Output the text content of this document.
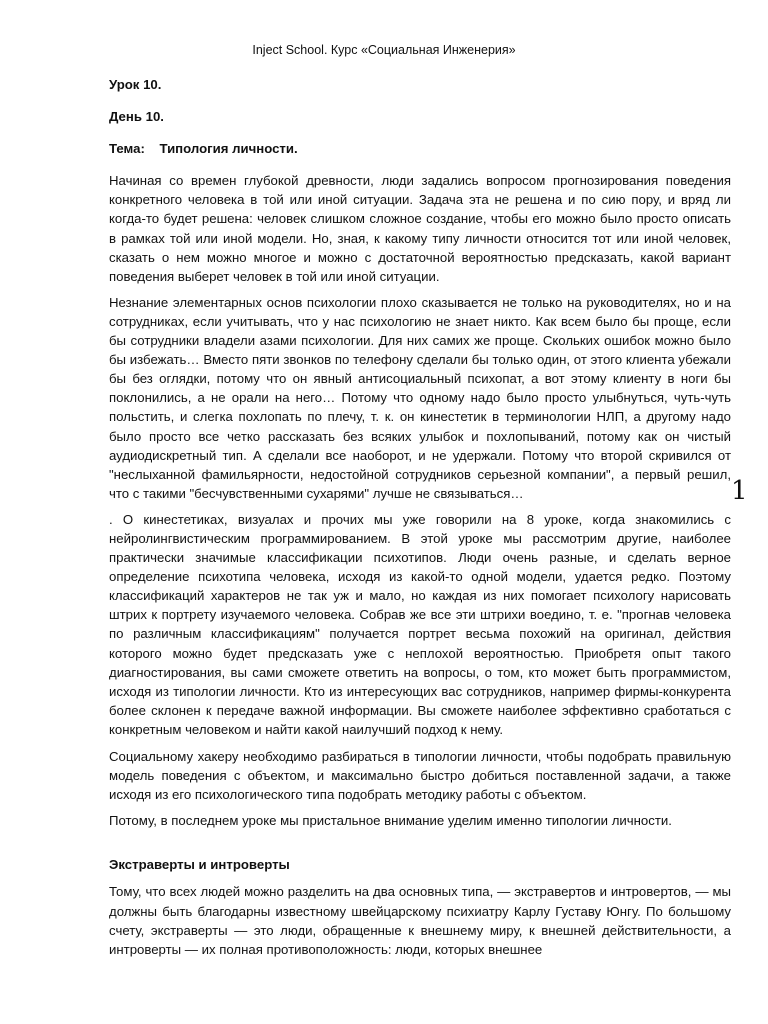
Inject School. Курс «Социальная Инженерия»
1

Урок 10.

День 10.

Тема:    Типология личности.

Начиная со времен глубокой древности, люди задались вопросом прогнозирования поведения конкретного человека в той или иной ситуации. Задача эта не решена и по сию пору, и вряд ли когда-то будет решена: человек слишком сложное создание, чтобы его можно было просто описать в рамках той или иной модели. Но, зная, к какому типу личности относится тот или иной человек, сказать о нем можно многое и можно с достаточной вероятностью предсказать, какой вариант поведения выберет человек в той или иной ситуации.

Незнание элементарных основ психологии плохо сказывается не только на руководителях, но и на сотрудниках, если учитывать, что у нас психологию не знает никто. Как всем было бы проще, если бы сотрудники владели азами психологии. Для них самих же проще. Скольких ошибок можно было бы избежать… Вместо пяти звонков по телефону сделали бы только один, от этого клиента убежали бы без оглядки, потому что он явный антисоциальный психопат, а вот этому клиенту в ноги бы поклонились, а не орали на него… Потому что одному надо было просто улыбнуться, чуть-чуть польстить, и слегка похлопать по плечу, т. к. он кинестетик в терминологии НЛП, а другому надо было просто все четко рассказать без всяких улыбок и похлопываний, потому как он чистый аудиодискретный тип. А сделали все наоборот, и не удержали. Потому что второй скривился от "неслыханной фамильярности, недостойной сотрудников серьезной компании", а первый решил, что с такими "бесчувственными сухарями" лучше не связываться…

. О кинестетиках, визуалах и прочих мы уже говорили на 8 уроке, когда знакомились с нейролингвистическим программированием. В этой уроке мы рассмотрим другие, наиболее практически значимые классификации психотипов. Люди очень разные, и сделать верное определение психотипа человека, исходя из какой-то одной модели, удается редко. Поэтому классификаций характеров не так уж и мало, но каждая из них помогает психологу нарисовать штрих к портрету изучаемого человека. Собрав же все эти штрихи воедино, т. е. "прогнав человека по различным классификациям" получается портрет весьма похожий на оригинал, действия которого можно будет предсказать уже с неплохой вероятностью. Приобретя опыт такого диагностирования, вы сами сможете ответить на вопросы, о том, кто может быть программистом, исходя из типологии личности. Кто из интересующих вас сотрудников, например фирмы-конкурента более склонен к передаче важной информации. Вы сможете наиболее эффективно сработаться с конкретным человеком и найти какой наилучший подход к нему.

Социальному хакеру необходимо разбираться в типологии личности, чтобы подобрать правильную модель поведения с объектом, и максимально быстро добиться поставленной задачи, а также исходя из его психологического типа подобрать методику работы с объектом.

Потому, в последнем уроке мы пристальное внимание уделим именно типологии личности.

Экстраверты и интроверты

Тому, что всех людей можно разделить на два основных типа, — экстравертов и интровертов, — мы должны быть благодарны известному швейцарскому психиатру Карлу Густаву Юнгу. По большому счету, экстраверты — это люди, обращенные к внешнему миру, к внешней действительности, а интроверты — их полная противоположность: люди, которых внешнее
